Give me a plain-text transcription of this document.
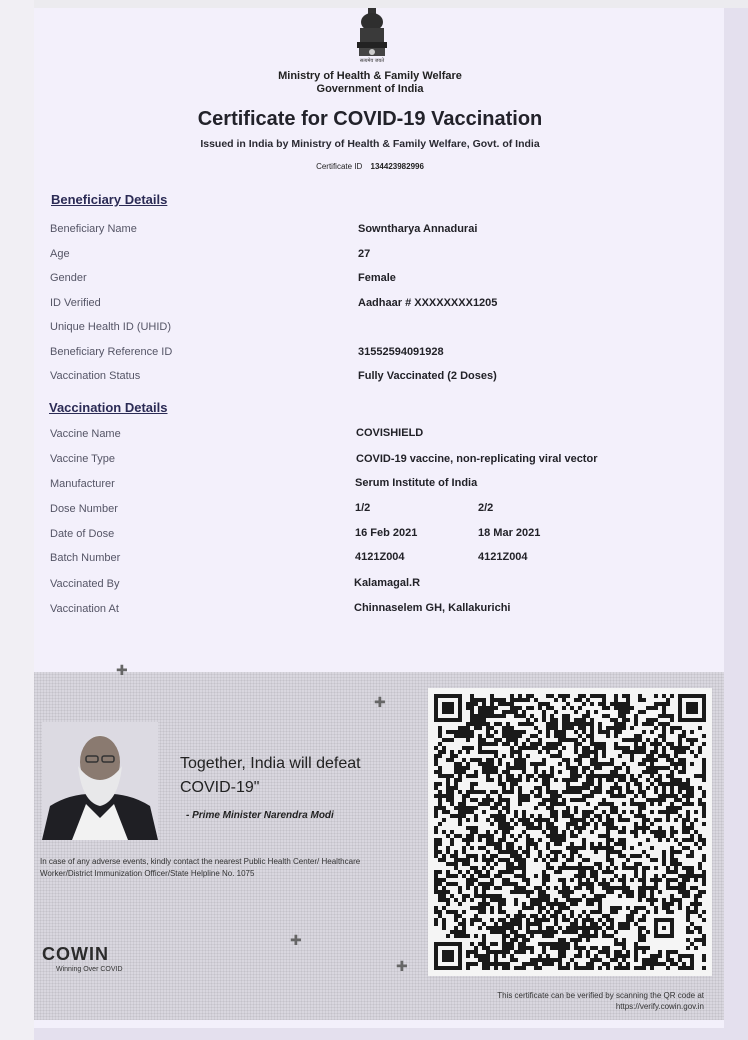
सत्यमेव जयते
Ministry of Health & Family Welfare
Government of India
Certificate for COVID-19 Vaccination
Issued in India by Ministry of Health & Family Welfare, Govt. of India
Certificate ID 134423982996
Beneficiary Details
Beneficiary Name	Sowntharya Annadurai
Age	27
Gender	Female
ID Verified	Aadhaar # XXXXXXXX1205
Unique Health ID (UHID)
Beneficiary Reference ID	31552594091928
Vaccination Status	Fully Vaccinated (2 Doses)
Vaccination Details
Vaccine Name	COVISHIELD
Vaccine Type	COVID-19 vaccine, non-replicating viral vector
Manufacturer	Serum Institute of India
Dose Number	1/2	2/2
Date of Dose	16 Feb 2021	18 Mar 2021
Batch Number	4121Z004	4121Z004
Vaccinated By	Kalamagal.R
Vaccination At	Chinnaselem GH, Kallakurichi
Together, India will defeat COVID-19"
- Prime Minister Narendra Modi
In case of any adverse events, kindly contact the nearest Public Health Center/ Healthcare Worker/District Immunization Officer/State Helpline No. 1075
COWIN
Winning Over COVID
This certificate can be verified by scanning the QR code at https://verify.cowin.gov.in
✚
✚
✚
✚
